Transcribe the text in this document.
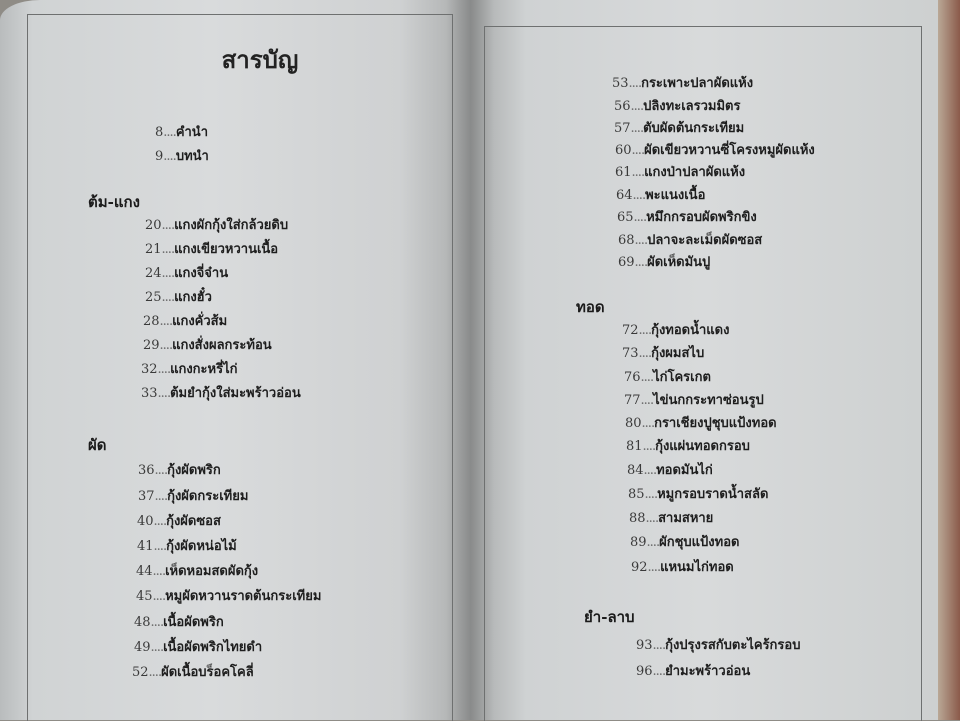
สารบัญ
8....คำนำ
9....บทนำ
ต้ม-แกง
20....แกงผักกุ้งใส่กล้วยดิบ
21....แกงเขียวหวานเนื้อ
24....แกงจี่จ๋าน
25....แกงฮั๋ว
28....แกงคั่วส้ม
29....แกงสั่งผลกระท้อน
32....แกงกะหรี่ไก่
33....ต้มยำกุ้งใส่มะพร้าวอ่อน
ผัด
36....กุ้งผัดพริก
37....กุ้งผัดกระเทียม
40....กุ้งผัดซอส
41....กุ้งผัดหน่อไม้
44....เห็ดหอมสดผัดกุ้ง
45....หมูผัดหวานราดต้นกระเทียม
48....เนื้อผัดพริก
49....เนื้อผัดพริกไทยดำ
52....ผัดเนื้อบร็อคโคลี่
53....กระเพาะปลาผัดแห้ง
56....ปลิงทะเลรวมมิตร
57....ตับผัดต้นกระเทียม
60....ผัดเขียวหวานซี่โครงหมูผัดแห้ง
61....แกงป่าปลาผัดแห้ง
64....พะแนงเนื้อ
65....หมึกกรอบผัดพริกขิง
68....ปลาจะละเม็ดผัดซอส
69....ผัดเห็ดมันปู
ทอด
72....กุ้งทอดน้ำแดง
73....กุ้งผมสไบ
76....ไก่โครเกต
77....ไข่นกกระทาซ่อนรูป
80....กราเชียงปูชุบแป้งทอด
81....กุ้งแผ่นทอดกรอบ
84....ทอดมันไก่
85....หมูกรอบราดน้ำสลัด
88....สามสหาย
89....ผักชุบแป้งทอด
92....แหนมไก่ทอด
ยำ-ลาบ
93....กุ้งปรุงรสกับตะไคร้กรอบ
96....ยำมะพร้าวอ่อน
